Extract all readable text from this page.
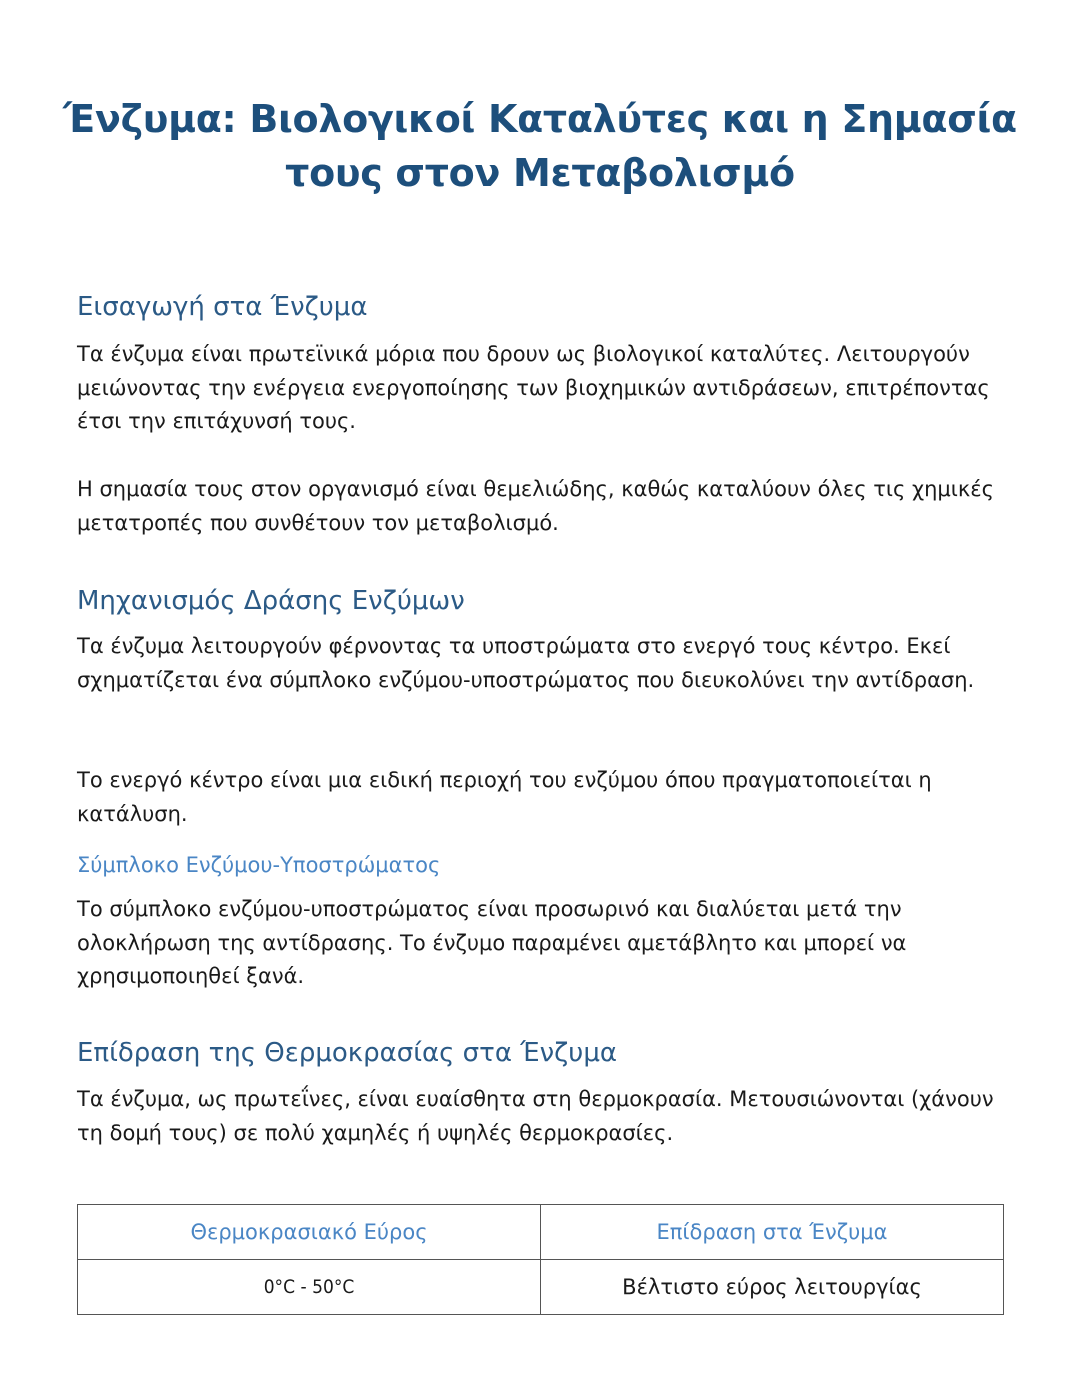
Ένζυμα: Βιολογικοί Καταλύτες και η Σημασία τους στον Μεταβολισμό
Εισαγωγή στα Ένζυμα

Τα ένζυμα είναι πρωτεϊνικά μόρια που δρουν ως βιολογικοί καταλύτες. Λειτουργούν μειώνοντας την ενέργεια ενεργοποίησης των βιοχημικών αντιδράσεων, επιτρέποντας έτσι την επιτάχυνσή τους.

Η σημασία τους στον οργανισμό είναι θεμελιώδης, καθώς καταλύουν όλες τις χημικές μετατροπές που συνθέτουν τον μεταβολισμό.

Μηχανισμός Δράσης Ενζύμων

Τα ένζυμα λειτουργούν φέρνοντας τα υποστρώματα στο ενεργό τους κέντρο. Εκεί σχηματίζεται ένα σύμπλοκο ενζύμου-υποστρώματος που διευκολύνει την αντίδραση.

Το ενεργό κέντρο είναι μια ειδική περιοχή του ενζύμου όπου πραγματοποιείται η κατάλυση.

Σύμπλοκο Ενζύμου-Υποστρώματος

Το σύμπλοκο ενζύμου-υποστρώματος είναι προσωρινό και διαλύεται μετά την ολοκλήρωση της αντίδρασης. Το ένζυμο παραμένει αμετάβλητο και μπορεί να χρησιμοποιηθεί ξανά.

Επίδραση της Θερμοκρασίας στα Ένζυμα

Τα ένζυμα, ως πρωτεΐνες, είναι ευαίσθητα στη θερμοκρασία. Μετουσιώνονται (χάνουν τη δομή τους) σε πολύ χαμηλές ή υψηλές θερμοκρασίες.

Θερμοκρασιακό Εύρος	Επίδραση στα Ένζυμα
0°C - 50°C	Βέλτιστο εύρος λειτουργίας
